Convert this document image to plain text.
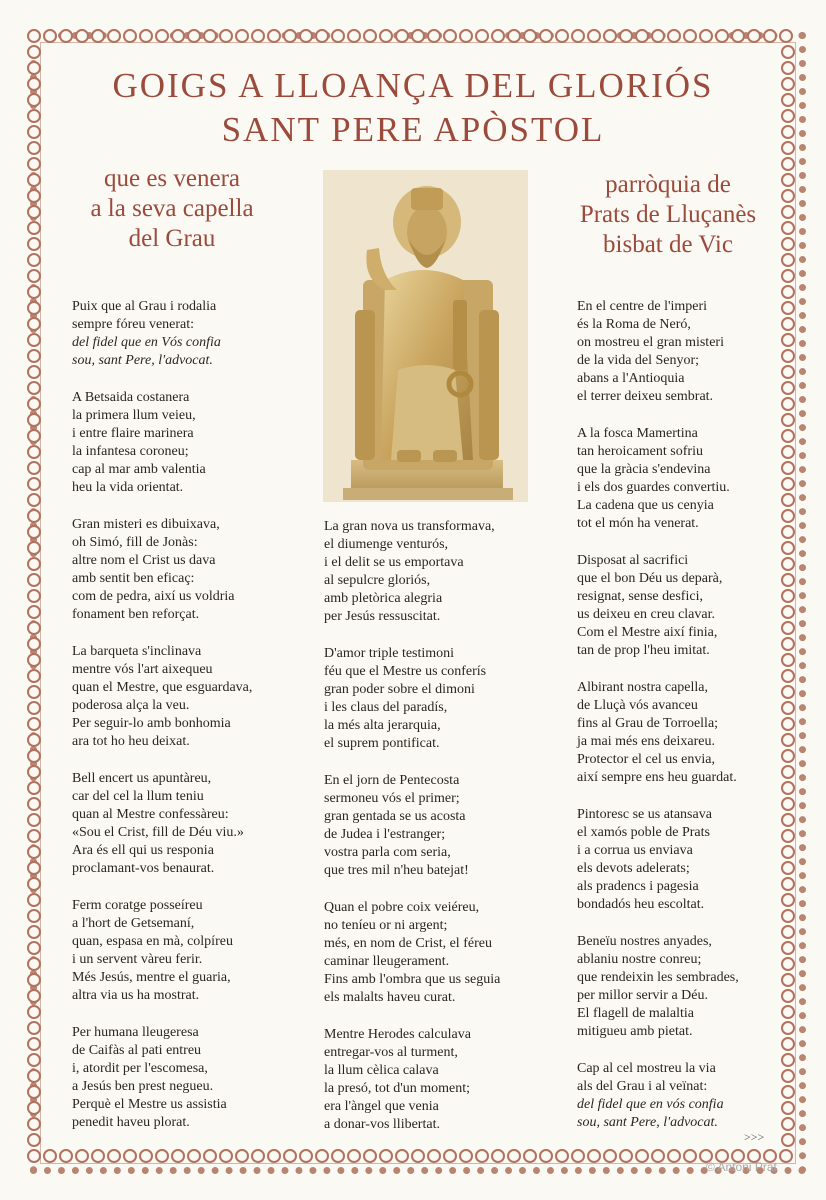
GOIGS A LLOANÇA DEL GLORIÓS
SANT PERE APÒSTOL
que es venera
a la seva capella
del Grau
parròquia de
Prats de Lluçanès
bisbat de Vic
Puix que al Grau i rodalia
sempre fóreu venerat:
del fidel que en Vós confia
sou, sant Pere, l'advocat.
A Betsaida costanera
la primera llum veieu,
i entre flaire marinera
la infantesa coroneu;
cap al mar amb valentia
heu la vida orientat.
Gran misteri es dibuixava,
oh Simó, fill de Jonàs:
altre nom el Crist us dava
amb sentit ben eficaç:
com de pedra, així us voldria
fonament ben reforçat.
La barqueta s'inclinava
mentre vós l'art aixequeu
quan el Mestre, que esguardava,
poderosa alça la veu.
Per seguir-lo amb bonhomia
ara tot ho heu deixat.
Bell encert us apuntàreu,
car del cel la llum teniu
quan al Mestre confessàreu:
«Sou el Crist, fill de Déu viu.»
Ara és ell qui us responia
proclamant-vos benaurat.
Ferm coratge posseíreu
a l'hort de Getsemaní,
quan, espasa en mà, colpíreu
i un servent vàreu ferir.
Més Jesús, mentre el guaria,
altra via us ha mostrat.
Per humana lleugeresa
de Caifàs al pati entreu
i, atordit per l'escomesa,
a Jesús ben prest negueu.
Perquè el Mestre us assistia
penedit haveu plorat.
La gran nova us transformava,
el diumenge venturós,
i el delit se us emportava
al sepulcre gloriós,
amb pletòrica alegria
per Jesús ressuscitat.
D'amor triple testimoni
féu que el Mestre us conferís
gran poder sobre el dimoni
i les claus del paradís,
la més alta jerarquia,
el suprem pontificat.
En el jorn de Pentecosta
sermoneu vós el primer;
gran gentada se us acosta
de Judea i l'estranger;
vostra parla com seria,
que tres mil n'heu batejat!
Quan el pobre coix veiéreu,
no teníeu or ni argent;
més, en nom de Crist, el féreu
caminar lleugerament.
Fins amb l'ombra que us seguia
els malalts haveu curat.
Mentre Herodes calculava
entregar-vos al turment,
la llum cèlica calava
la presó, tot d'un moment;
era l'àngel que venia
a donar-vos llibertat.
En el centre de l'imperi
és la Roma de Neró,
on mostreu el gran misteri
de la vida del Senyor;
abans a l'Antioquia
el terrer deixeu sembrat.
A la fosca Mamertina
tan heroicament sofriu
que la gràcia s'endevina
i els dos guardes convertiu.
La cadena que us cenyia
tot el món ha venerat.
Disposat al sacrifici
que el bon Déu us deparà,
resignat, sense desfici,
us deixeu en creu clavar.
Com el Mestre així finia,
tan de prop l'heu imitat.
Albirant nostra capella,
de Lluçà vós avanceu
fins al Grau de Torroella;
ja mai més ens deixareu.
Protector el cel us envia,
així sempre ens heu guardat.
Pintoresc se us atansava
el xamós poble de Prats
i a corrua us enviava
els devots adelerats;
als pradencs i pagesia
bondadós heu escoltat.
Beneïu nostres anyades,
ablaniu nostre conreu;
que rendeixin les sembrades,
per millor servir a Déu.
El flagell de malaltia
mitigueu amb pietat.
Cap al cel mostreu la via
als del Grau i al veïnat:
del fidel que en vós confia
sou, sant Pere, l'advocat.
>>>
© Antoni Prat
